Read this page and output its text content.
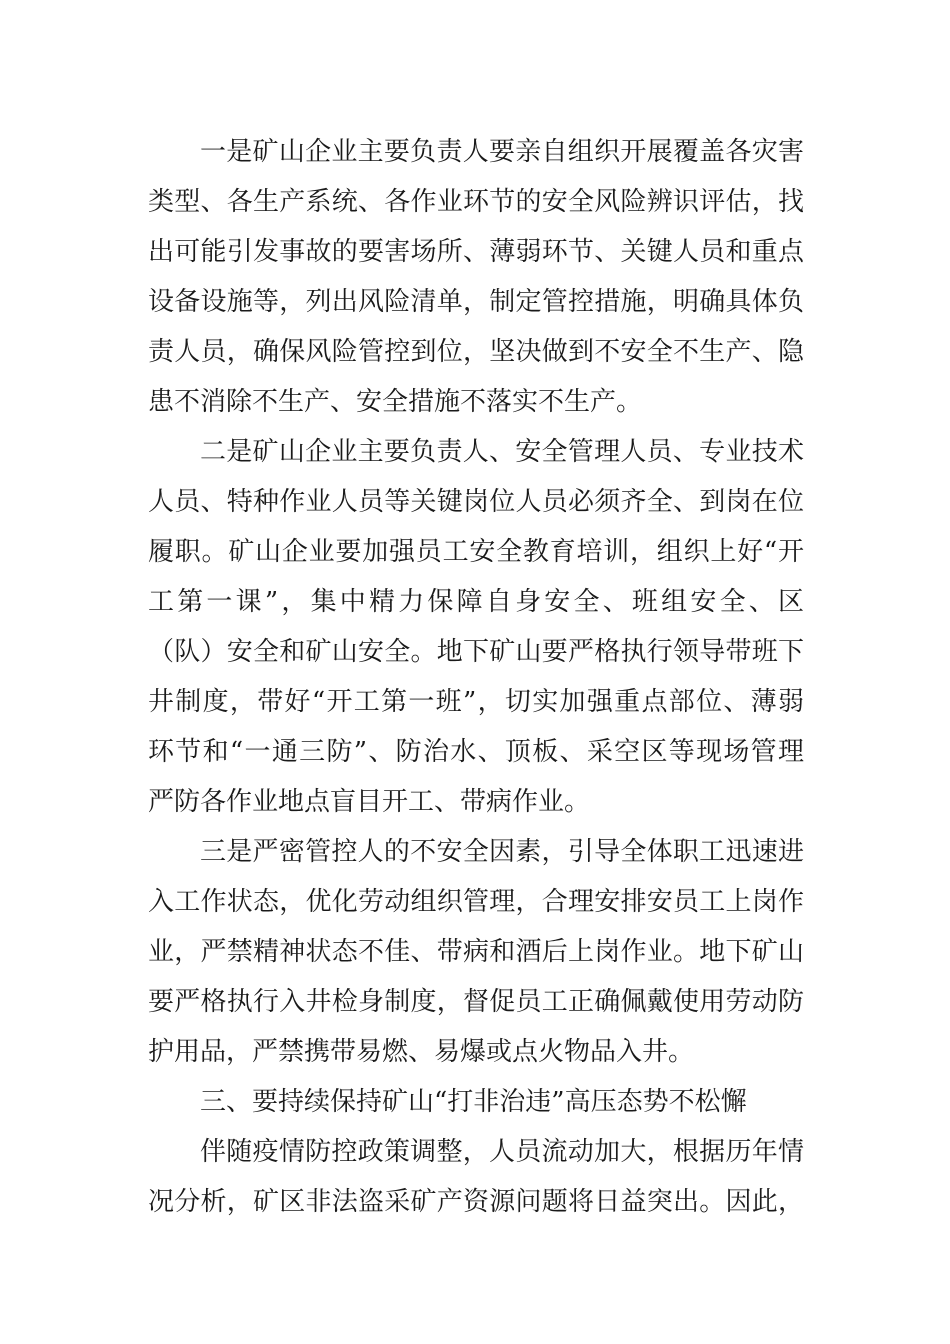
一是矿山企业主要负责人要亲自组织开展覆盖各灾害
类型、各生产系统、各作业环节的安全风险辨识评估，找
出可能引发事故的要害场所、薄弱环节、关键人员和重点
设备设施等，列出风险清单，制定管控措施，明确具体负
责人员，确保风险管控到位，坚决做到不安全不生产、隐
患不消除不生产、安全措施不落实不生产。
二是矿山企业主要负责人、安全管理人员、专业技术
人员、特种作业人员等关键岗位人员必须齐全、到岗在位
履职。矿山企业要加强员工安全教育培训，组织上好“开
工第一课”，集中精力保障自身安全、班组安全、区
（队）安全和矿山安全。地下矿山要严格执行领导带班下
井制度，带好“开工第一班”，切实加强重点部位、薄弱
环节和“一通三防”、防治水、顶板、采空区等现场管理
严防各作业地点盲目开工、带病作业。
三是严密管控人的不安全因素，引导全体职工迅速进
入工作状态，优化劳动组织管理，合理安排安员工上岗作
业，严禁精神状态不佳、带病和酒后上岗作业。地下矿山
要严格执行入井检身制度，督促员工正确佩戴使用劳动防
护用品，严禁携带易燃、易爆或点火物品入井。
三、要持续保持矿山“打非治违”高压态势不松懈
伴随疫情防控政策调整，人员流动加大，根据历年情
况分析，矿区非法盗采矿产资源问题将日益突出。因此，
